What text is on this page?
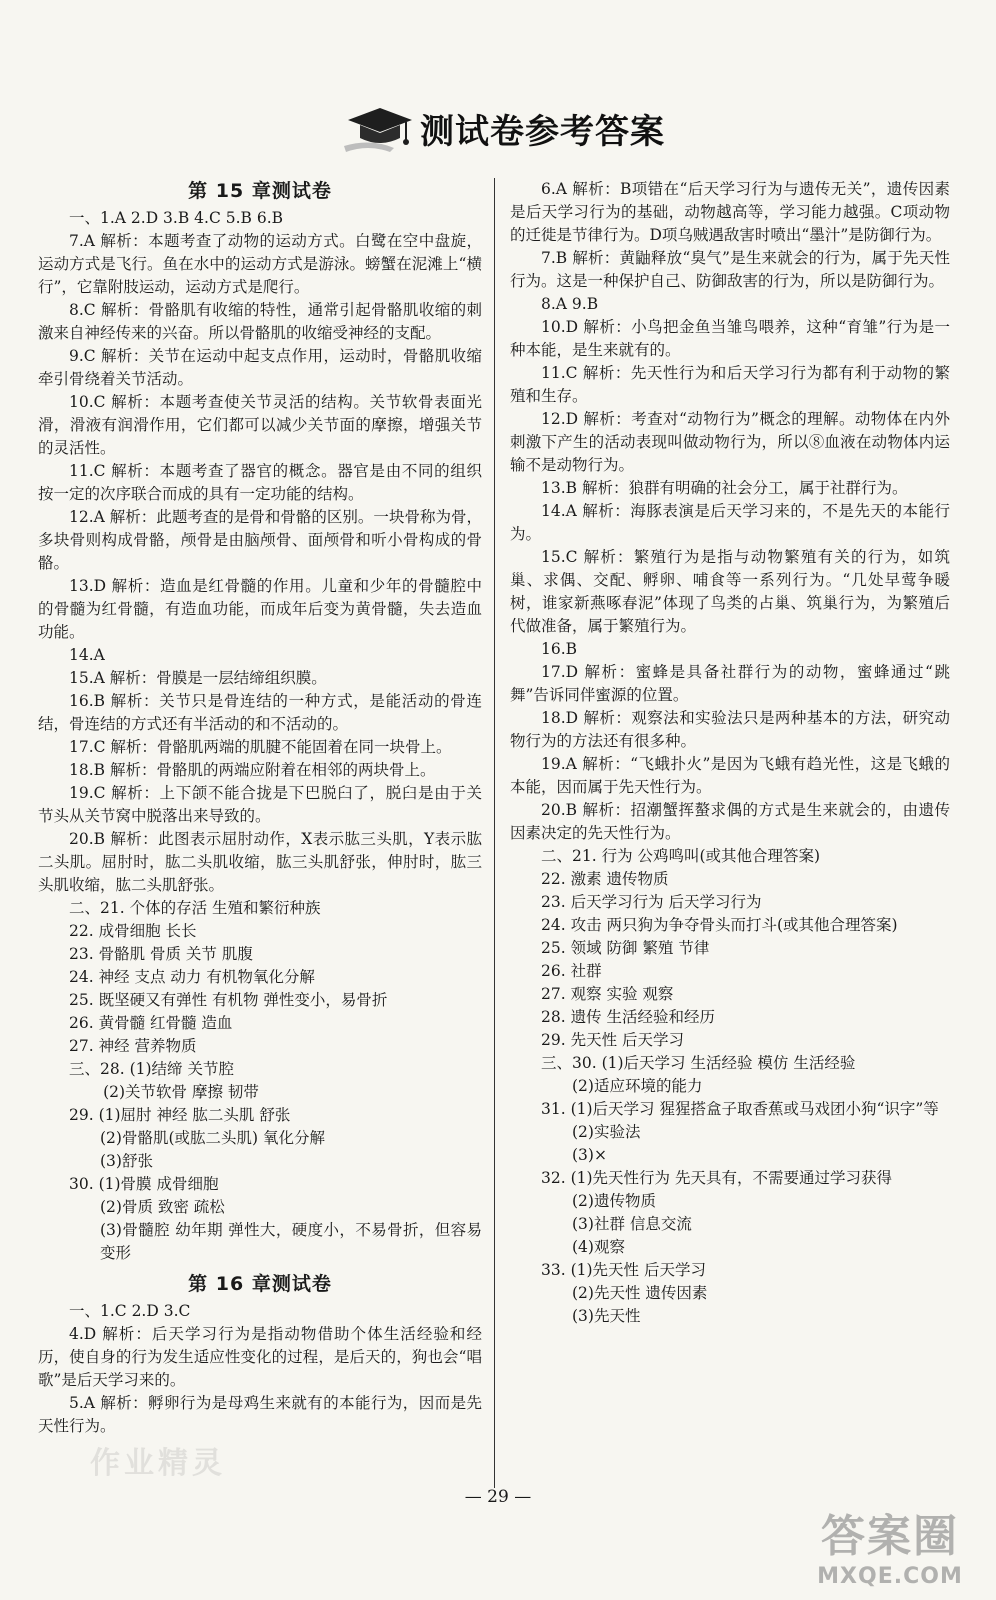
测试卷参考答案
第 15 章测试卷

一、1.A 2.D 3.B 4.C 5.B 6.B

7.A 解析：本题考查了动物的运动方式。白鹭在空中盘旋，运动方式是飞行。鱼在水中的运动方式是游泳。螃蟹在泥滩上“横行”，它靠附肢运动，运动方式是爬行。

8.C 解析：骨骼肌有收缩的特性，通常引起骨骼肌收缩的刺激来自神经传来的兴奋。所以骨骼肌的收缩受神经的支配。

9.C 解析：关节在运动中起支点作用，运动时，骨骼肌收缩牵引骨绕着关节活动。

10.C 解析：本题考查使关节灵活的结构。关节软骨表面光滑，滑液有润滑作用，它们都可以减少关节面的摩擦，增强关节的灵活性。

11.C 解析：本题考查了器官的概念。器官是由不同的组织按一定的次序联合而成的具有一定功能的结构。

12.A 解析：此题考查的是骨和骨骼的区别。一块骨称为骨，多块骨则构成骨骼，颅骨是由脑颅骨、面颅骨和听小骨构成的骨骼。

13.D 解析：造血是红骨髓的作用。儿童和少年的骨髓腔中的骨髓为红骨髓，有造血功能，而成年后变为黄骨髓，失去造血功能。

14.A

15.A 解析：骨膜是一层结缔组织膜。

16.B 解析：关节只是骨连结的一种方式，是能活动的骨连结，骨连结的方式还有半活动的和不活动的。

17.C 解析：骨骼肌两端的肌腱不能固着在同一块骨上。

18.B 解析：骨骼肌的两端应附着在相邻的两块骨上。

19.C 解析：上下颌不能合拢是下巴脱臼了，脱臼是由于关节头从关节窝中脱落出来导致的。

20.B 解析：此图表示屈肘动作，X表示肱三头肌，Y表示肱二头肌。屈肘时，肱二头肌收缩，肱三头肌舒张，伸肘时，肱三头肌收缩，肱二头肌舒张。

二、21. 个体的存活 生殖和繁衍种族

22. 成骨细胞 长长

23. 骨骼肌 骨质 关节 肌腹

24. 神经 支点 动力 有机物氧化分解

25. 既坚硬又有弹性 有机物 弹性变小，易骨折

26. 黄骨髓 红骨髓 造血

27. 神经 营养物质

三、28. (1)结缔 关节腔

(2)关节软骨 摩擦 韧带

29. (1)屈肘 神经 肱二头肌 舒张

(2)骨骼肌(或肱二头肌) 氧化分解

(3)舒张

30. (1)骨膜 成骨细胞

(2)骨质 致密 疏松

(3)骨髓腔 幼年期 弹性大，硬度小，不易骨折，但容易变形

第 16 章测试卷

一、1.C 2.D 3.C

4.D 解析：后天学习行为是指动物借助个体生活经验和经历，使自身的行为发生适应性变化的过程，是后天的，狗也会“唱歌”是后天学习来的。

5.A 解析：孵卵行为是母鸡生来就有的本能行为，因而是先天性行为。

6.A 解析：B项错在“后天学习行为与遗传无关”，遗传因素是后天学习行为的基础，动物越高等，学习能力越强。C项动物的迁徙是节律行为。D项乌贼遇敌害时喷出“墨汁”是防御行为。

7.B 解析：黄鼬释放“臭气”是生来就会的行为，属于先天性行为。这是一种保护自己、防御敌害的行为，所以是防御行为。

8.A 9.B

10.D 解析：小鸟把金鱼当雏鸟喂养，这种“育雏”行为是一种本能，是生来就有的。

11.C 解析：先天性行为和后天学习行为都有利于动物的繁殖和生存。

12.D 解析：考查对“动物行为”概念的理解。动物体在内外刺激下产生的活动表现叫做动物行为，所以⑧血液在动物体内运输不是动物行为。

13.B 解析：狼群有明确的社会分工，属于社群行为。

14.A 解析：海豚表演是后天学习来的，不是先天的本能行为。

15.C 解析：繁殖行为是指与动物繁殖有关的行为，如筑巢、求偶、交配、孵卵、哺食等一系列行为。“几处早莺争暖树，谁家新燕啄春泥”体现了鸟类的占巢、筑巢行为，为繁殖后代做准备，属于繁殖行为。

16.B

17.D 解析：蜜蜂是具备社群行为的动物，蜜蜂通过“跳舞”告诉同伴蜜源的位置。

18.D 解析：观察法和实验法只是两种基本的方法，研究动物行为的方法还有很多种。

19.A 解析：“飞蛾扑火”是因为飞蛾有趋光性，这是飞蛾的本能，因而属于先天性行为。

20.B 解析：招潮蟹挥螯求偶的方式是生来就会的，由遗传因素决定的先天性行为。

二、21. 行为 公鸡鸣叫(或其他合理答案)

22. 激素 遗传物质

23. 后天学习行为 后天学习行为

24. 攻击 两只狗为争夺骨头而打斗(或其他合理答案)

25. 领域 防御 繁殖 节律

26. 社群

27. 观察 实验 观察

28. 遗传 生活经验和经历

29. 先天性 后天学习

三、30. (1)后天学习 生活经验 模仿 生活经验

(2)适应环境的能力

31. (1)后天学习 猩猩搭盒子取香蕉或马戏团小狗“识字”等

(2)实验法

(3)×

32. (1)先天性行为 先天具有，不需要通过学习获得

(2)遗传物质

(3)社群 信息交流

(4)观察

33. (1)先天性 后天学习

(2)先天性 遗传因素

(3)先天性

— 29 —
作业精灵
答案圈
MXQE.COM
